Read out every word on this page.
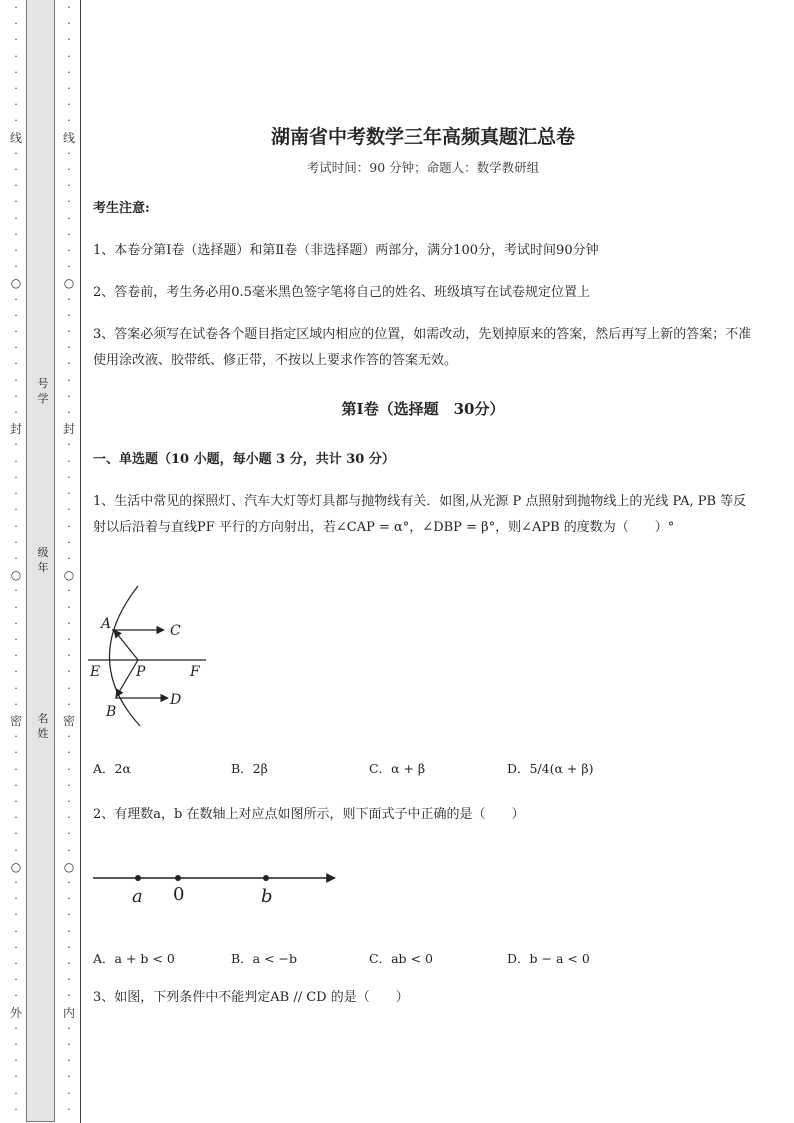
·
·
·
·
·
·
·
·
线
·
·
·
·
·
·
·
·
○
·
·
·
·
·
·
·
·
封
·
·
·
·
·
·
·
·
○
·
·
·
·
·
·
·
·
密
·
·
·
·
·
·
·
·
○
·
·
·
·
·
·
·
·
外
·
·
·
·
·
·
号学
级年
名姓
·
·
·
·
·
·
·
·
线
·
·
·
·
·
·
·
·
○
·
·
·
·
·
·
·
·
封
·
·
·
·
·
·
·
·
○
·
·
·
·
·
·
·
·
密
·
·
·
·
·
·
·
·
○
·
·
·
·
·
·
·
·
内
·
·
·
·
·
·
湖南省中考数学三年高频真题汇总卷
考试时间：90 分钟；命题人：数学教研组
考生注意:
1、本卷分第Ⅰ卷（选择题）和第Ⅱ卷（非选择题）两部分，满分100分，考试时间90分钟
2、答卷前，考生务必用0.5毫米黑色签字笔将自己的姓名、班级填写在试卷规定位置上
3、答案必须写在试卷各个题目指定区域内相应的位置，如需改动，先划掉原来的答案，然后再写上新的答案；不准使用涂改液、胶带纸、修正带，不按以上要求作答的答案无效。
第Ⅰ卷（选择题　30分）
一、单选题（10 小题，每小题 3 分，共计 30 分）
1、生活中常见的探照灯、汽车大灯等灯具都与抛物线有关．如图,从光源 P 点照射到抛物线上的光线 PA, PB 等反射以后沿着与直线PF 平行的方向射出，若∠CAP = α°，∠DBP = β°，则∠APB 的度数为（　　）°
A	C
E	P	F
D
B
A．2α	B．2β	C．α + β	D．5/4(α + β)
2、有理数a，b 在数轴上对应点如图所示，则下面式子中正确的是（　　）
a 0	b
A．a + b < 0	B．a < −b	C．ab < 0	D．b − a < 0
3、如图，下列条件中不能判定AB // CD 的是（　　）
